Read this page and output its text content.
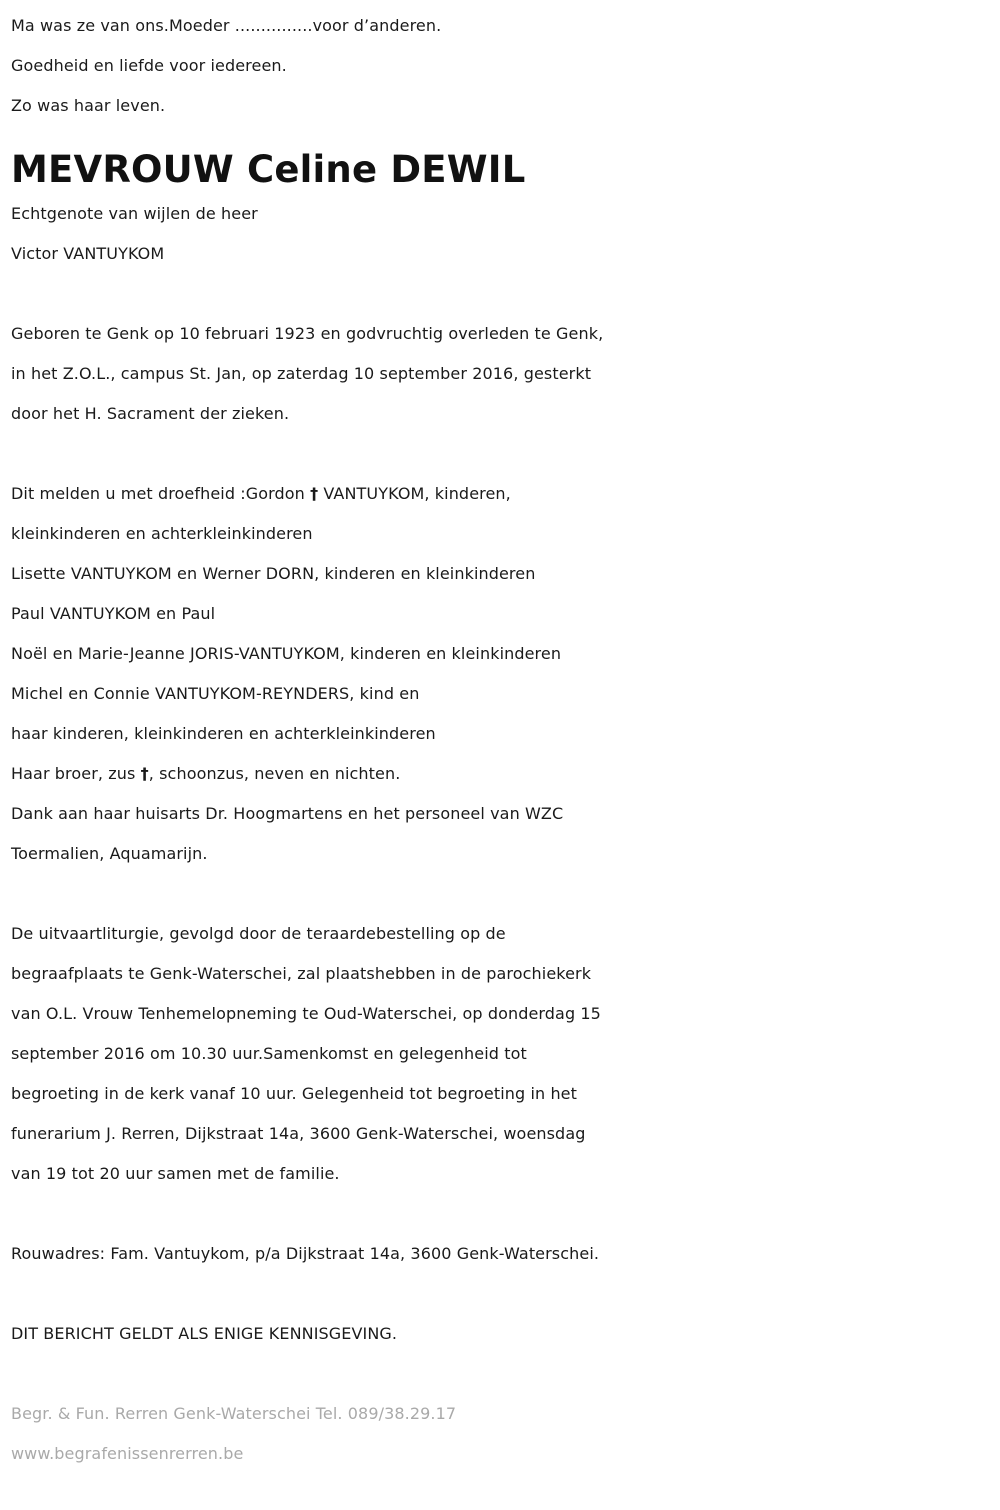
Ma was ze van ons.Moeder ...............voor d’anderen.
Goedheid en liefde voor iedereen.
Zo was haar leven.
MEVROUW Celine DEWIL
Echtgenote van wijlen de heer
Victor VANTUYKOM
Geboren te Genk op 10 februari 1923 en godvruchtig overleden te Genk,
in het Z.O.L., campus St. Jan, op zaterdag 10 september 2016, gesterkt
door het H. Sacrament der zieken.
Dit melden u met droefheid :Gordon † VANTUYKOM, kinderen,
kleinkinderen en achterkleinkinderen
Lisette VANTUYKOM en Werner DORN, kinderen en kleinkinderen
Paul VANTUYKOM en Paul
Noël en Marie-Jeanne JORIS-VANTUYKOM, kinderen en kleinkinderen
Michel en Connie VANTUYKOM-REYNDERS, kind en
haar kinderen, kleinkinderen en achterkleinkinderen
Haar broer, zus †, schoonzus, neven en nichten.
Dank aan haar huisarts Dr. Hoogmartens en het personeel van WZC
Toermalien, Aquamarijn.
De uitvaartliturgie, gevolgd door de teraardebestelling op de
begraafplaats te Genk-Waterschei, zal plaatshebben in de parochiekerk
van O.L. Vrouw Tenhemelopneming te Oud-Waterschei, op donderdag 15
september 2016 om 10.30 uur.Samenkomst en gelegenheid tot
begroeting in de kerk vanaf 10 uur. Gelegenheid tot begroeting in het
funerarium J. Rerren, Dijkstraat 14a, 3600 Genk-Waterschei, woensdag
van 19 tot 20 uur samen met de familie.
Rouwadres: Fam. Vantuykom, p/a Dijkstraat 14a, 3600 Genk-Waterschei.
DIT BERICHT GELDT ALS ENIGE KENNISGEVING.
Begr. & Fun. Rerren Genk-Waterschei Tel. 089/38.29.17
www.begrafenissenrerren.be
